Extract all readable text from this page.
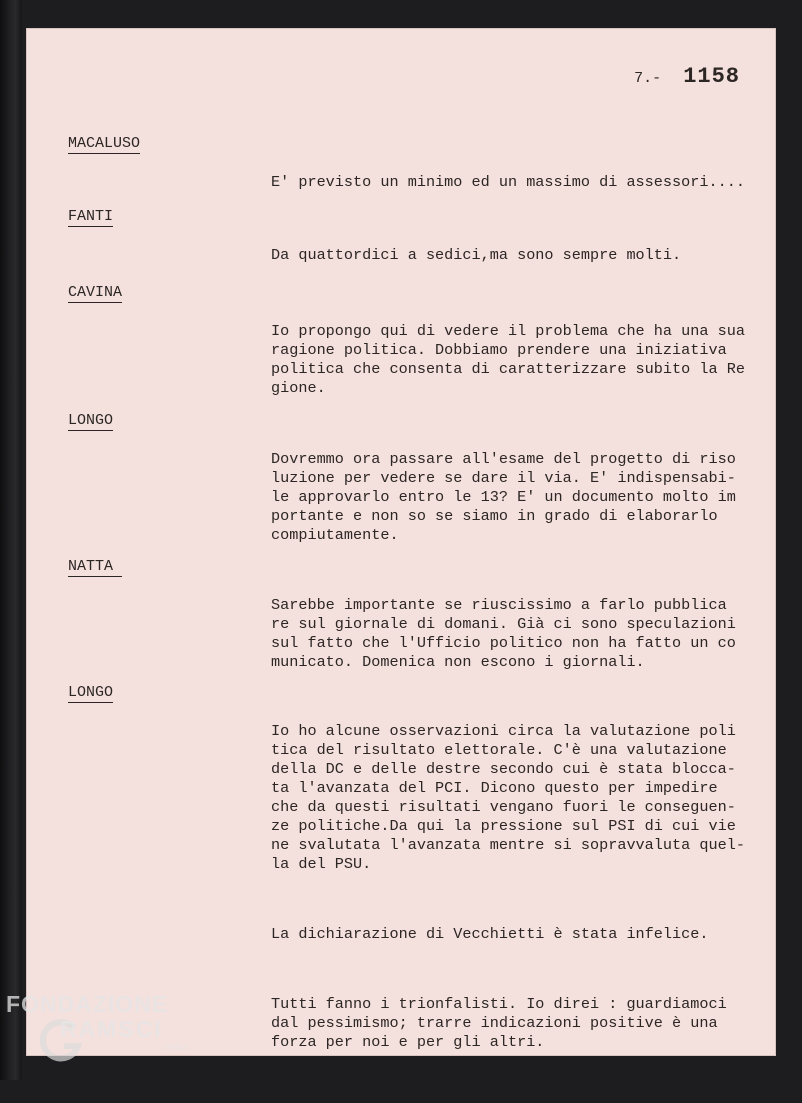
7.- 1158
MACALUSO

E' previsto un minimo ed un massimo di assessori....

FANTI

Da quattordici a sedici,ma sono sempre molti.

CAVINA

Io propongo qui di vedere il problema che ha una sua
ragione politica. Dobbiamo prendere una iniziativa
politica che consenta di caratterizzare subito la Re
gione.

LONGO

Dovremmo ora passare all'esame del progetto di riso
luzione per vedere se dare il via. E' indispensabi-
le approvarlo entro le 13? E' un documento molto im
portante e non so se siamo in grado di elaborarlo
compiutamente.

NATTA

Sarebbe importante se riuscissimo a farlo pubblica
re sul giornale di domani. Già ci sono speculazioni
sul fatto che l'Ufficio politico non ha fatto un co
municato. Domenica non escono i giornali.

LONGO

Io ho alcune osservazioni circa la valutazione poli
tica del risultato elettorale. C'è una valutazione
della DC e delle destre secondo cui è stata blocca-
ta l'avanzata del PCI. Dicono questo per impedire
che da questi risultati vengano fuori le conseguen-
ze politiche.Da qui la pressione sul PSI di cui vie
ne svalutata l'avanzata mentre si sopravvaluta quel-
la del PSU.

La dichiarazione di Vecchietti è stata infelice.

Tutti fanno i trionfalisti. Io direi : guardiamoci
dal pessimismo; trarre indicazioni positive è una
forza per noi e per gli altri.

FONDAZIONE
RAMSCI
onlus
